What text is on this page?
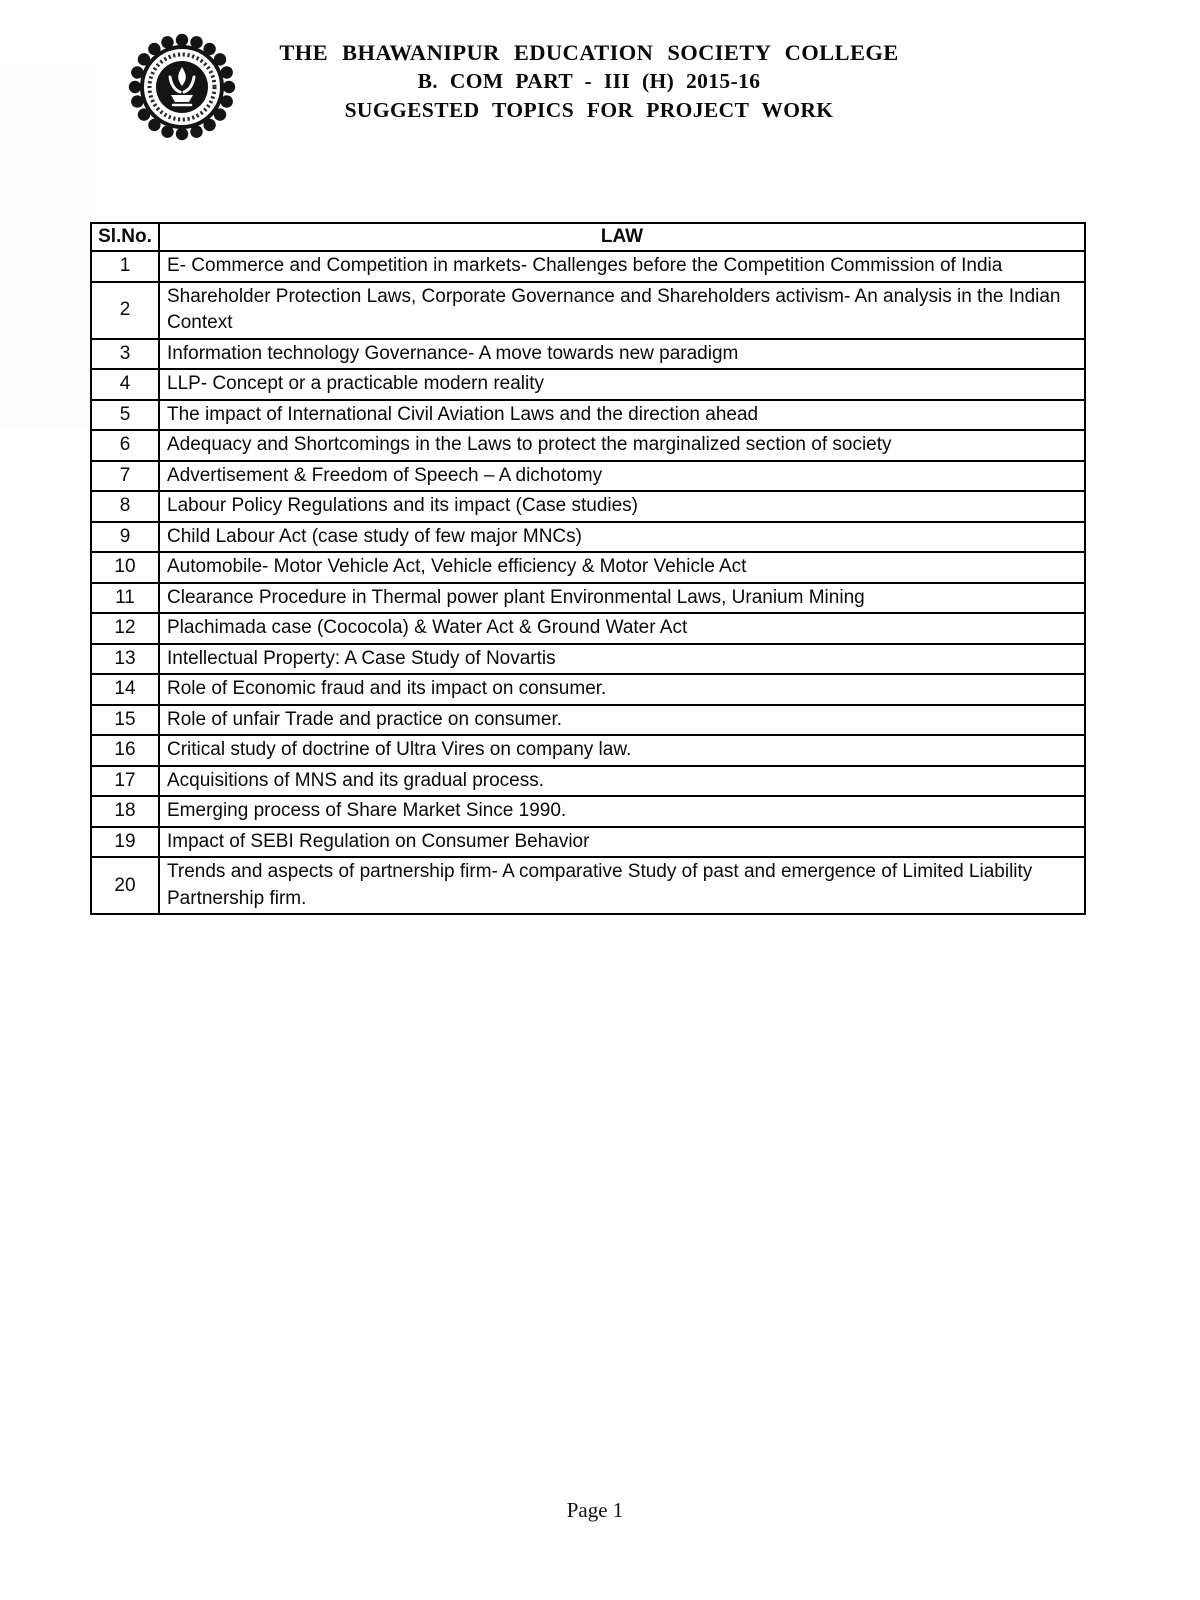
THE BHAWANIPUR EDUCATION SOCIETY COLLEGE
B. COM PART - III (H) 2015-16
SUGGESTED TOPICS FOR PROJECT WORK
Sl.No.	LAW
1	E- Commerce and Competition in markets- Challenges before the Competition Commission of India
2	Shareholder Protection Laws, Corporate Governance and Shareholders activism- An analysis in the Indian Context
3	Information technology Governance- A move towards new paradigm
4	LLP- Concept or a practicable modern reality
5	The impact of International Civil Aviation Laws and the direction ahead
6	Adequacy and Shortcomings in the Laws to protect the marginalized section of society
7	Advertisement & Freedom of Speech – A dichotomy
8	Labour Policy Regulations and its impact (Case studies)
9	Child Labour Act (case study of few major MNCs)
10	Automobile- Motor Vehicle Act, Vehicle efficiency & Motor Vehicle Act
11	Clearance Procedure in Thermal power plant Environmental Laws, Uranium Mining
12	Plachimada case (Cococola) & Water Act & Ground Water Act
13	Intellectual Property: A Case Study of Novartis
14	Role of Economic fraud and its impact on consumer.
15	Role of unfair Trade and practice on consumer.
16	Critical study of doctrine of Ultra Vires on company law.
17	Acquisitions of MNS and its gradual process.
18	Emerging process of Share Market Since 1990.
19	Impact of SEBI Regulation on Consumer Behavior
20	Trends and aspects of partnership firm- A comparative Study of past and emergence of Limited Liability Partnership firm.
Page 1
